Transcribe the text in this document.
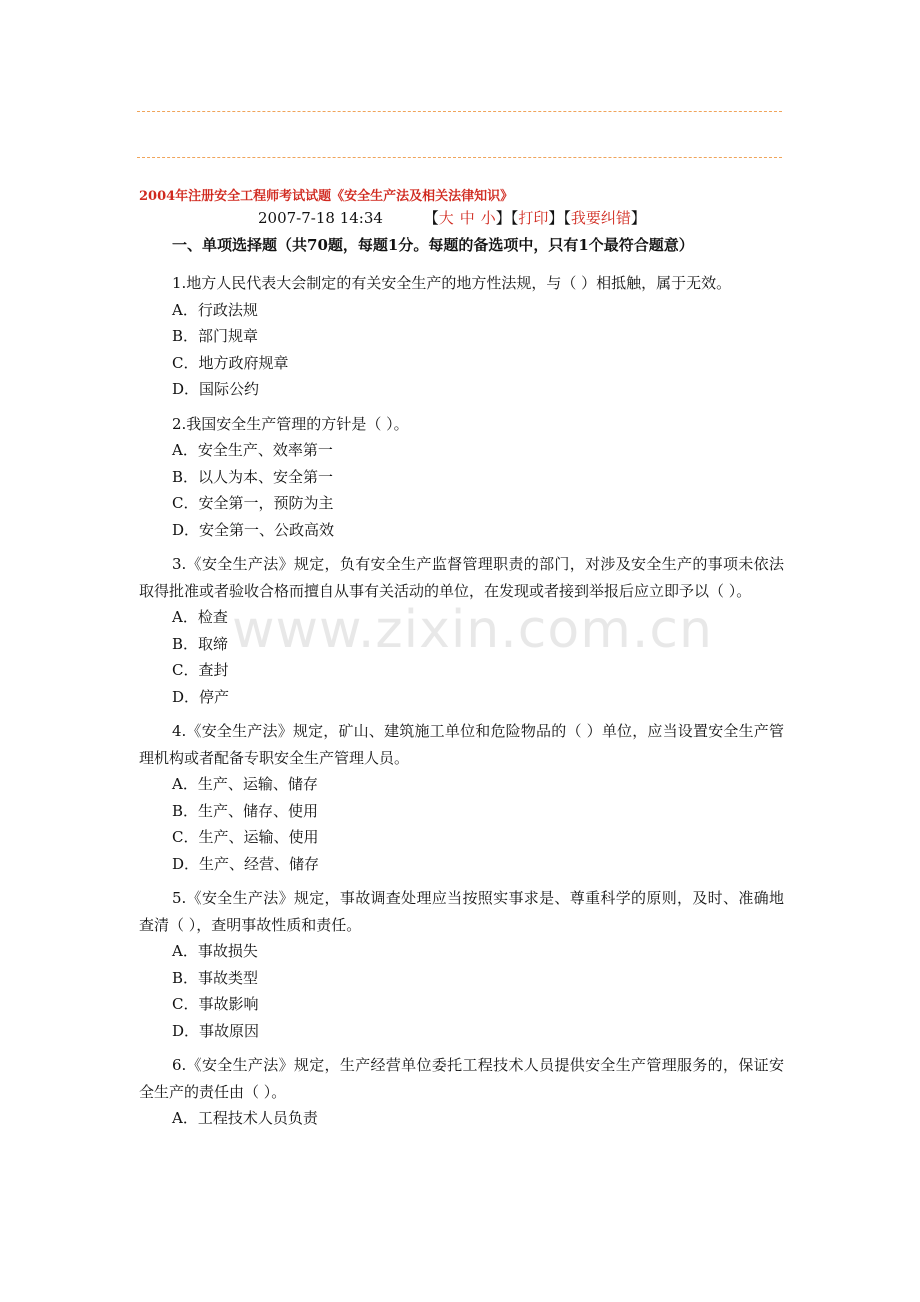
2004年注册安全工程师考试试题《安全生产法及相关法律知识》
2007-7-18 14:34	【大 中 小】【打印】【我要纠错】
一、单项选择题（共70题，每题1分。每题的备选项中，只有1个最符合题意）

1.地方人民代表大会制定的有关安全生产的地方性法规，与（ ）相抵触，属于无效。

A．行政法规

B．部门规章

C．地方政府规章

D．国际公约

2.我国安全生产管理的方针是（ ）。

A．安全生产、效率第一

B．以人为本、安全第一

C．安全第一，预防为主

D．安全第一、公政高效

3.《安全生产法》规定，负有安全生产监督管理职责的部门，对涉及安全生产的事项未依法取得批准或者验收合格而擅自从事有关活动的单位，在发现或者接到举报后应立即予以（ ）。

A．检查

B．取缔

C．查封

D．停产

4.《安全生产法》规定，矿山、建筑施工单位和危险物品的（ ）单位，应当设置安全生产管理机构或者配备专职安全生产管理人员。

A．生产、运输、储存

B．生产、储存、使用

C．生产、运输、使用

D．生产、经营、储存

5.《安全生产法》规定，事故调查处理应当按照实事求是、尊重科学的原则，及时、准确地查清（ ），查明事故性质和责任。

A．事故损失

B．事故类型

C．事故影响

D．事故原因

6.《安全生产法》规定，生产经营单位委托工程技术人员提供安全生产管理服务的，保证安全生产的责任由（ ）。

A．工程技术人员负责

www.zixin.com.cn
